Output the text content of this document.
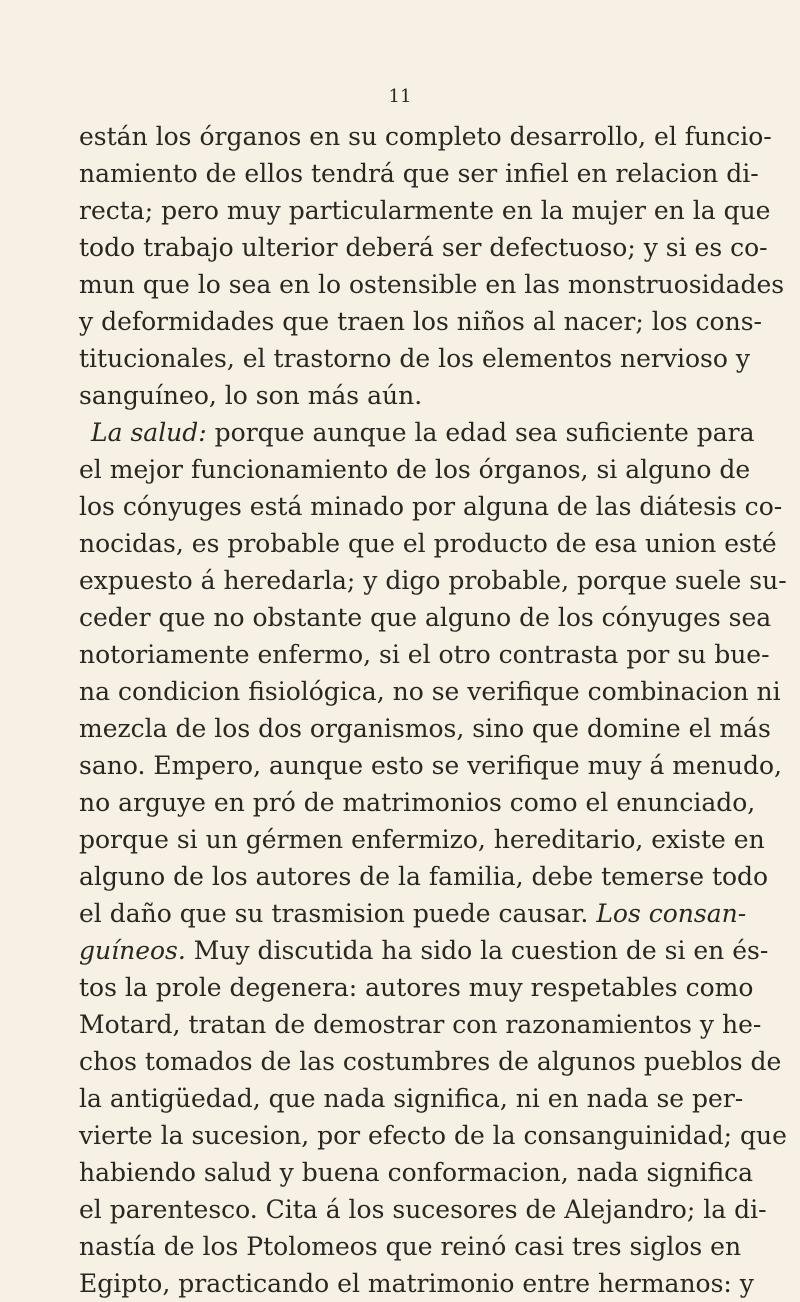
11
están los órganos en su completo desarrollo, el funcio-
namiento de ellos tendrá que ser infiel en relacion di-
recta; pero muy particularmente en la mujer en la que
todo trabajo ulterior deberá ser defectuoso; y si es co-
mun que lo sea en lo ostensible en las monstruosidades
y deformidades que traen los niños al nacer; los cons-
titucionales, el trastorno de los elementos nervioso y
sanguíneo, lo son más aún.
La salud: porque aunque la edad sea suficiente para
el mejor funcionamiento de los órganos, si alguno de
los cónyuges está minado por alguna de las diátesis co-
nocidas, es probable que el producto de esa union esté
expuesto á heredarla; y digo probable, porque suele su-
ceder que no obstante que alguno de los cónyuges sea
notoriamente enfermo, si el otro contrasta por su bue-
na condicion fisiológica, no se verifique combinacion ni
mezcla de los dos organismos, sino que domine el más
sano. Empero, aunque esto se verifique muy á menudo,
no arguye en pró de matrimonios como el enunciado,
porque si un gérmen enfermizo, hereditario, existe en
alguno de los autores de la familia, debe temerse todo
el daño que su trasmision puede causar. Los consan-
guíneos. Muy discutida ha sido la cuestion de si en és-
tos la prole degenera: autores muy respetables como
Motard, tratan de demostrar con razonamientos y he-
chos tomados de las costumbres de algunos pueblos de
la antigüedad, que nada significa, ni en nada se per-
vierte la sucesion, por efecto de la consanguinidad; que
habiendo salud y buena conformacion, nada significa
el parentesco. Cita á los sucesores de Alejandro; la di-
nastía de los Ptolomeos que reinó casi tres siglos en
Egipto, practicando el matrimonio entre hermanos: y
